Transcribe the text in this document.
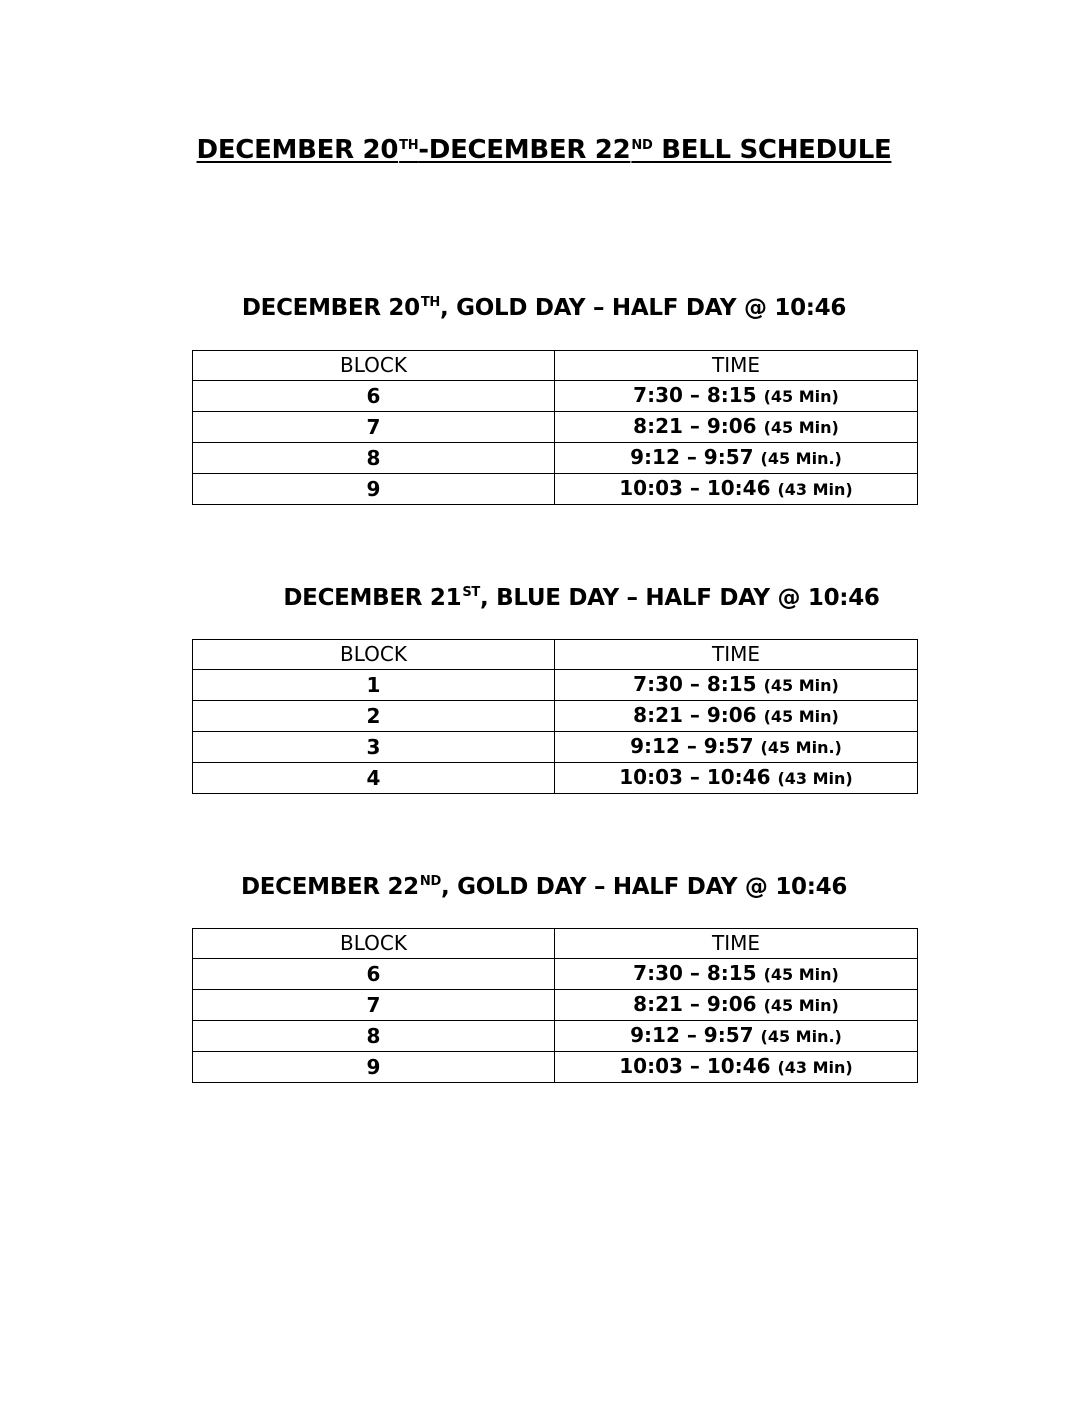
DECEMBER 20TH-DECEMBER 22ND BELL SCHEDULE
DECEMBER 20TH, GOLD DAY – HALF DAY @ 10:46
BLOCK	TIME
6	7:30 – 8:15 (45 Min)
7	8:21 – 9:06 (45 Min)
8	9:12 – 9:57 (45 Min.)
9	10:03 – 10:46 (43 Min)
DECEMBER 21ST, BLUE DAY – HALF DAY @ 10:46
BLOCK	TIME
1	7:30 – 8:15 (45 Min)
2	8:21 – 9:06 (45 Min)
3	9:12 – 9:57 (45 Min.)
4	10:03 – 10:46 (43 Min)
DECEMBER 22ND, GOLD DAY – HALF DAY @ 10:46
BLOCK	TIME
6	7:30 – 8:15 (45 Min)
7	8:21 – 9:06 (45 Min)
8	9:12 – 9:57 (45 Min.)
9	10:03 – 10:46 (43 Min)
